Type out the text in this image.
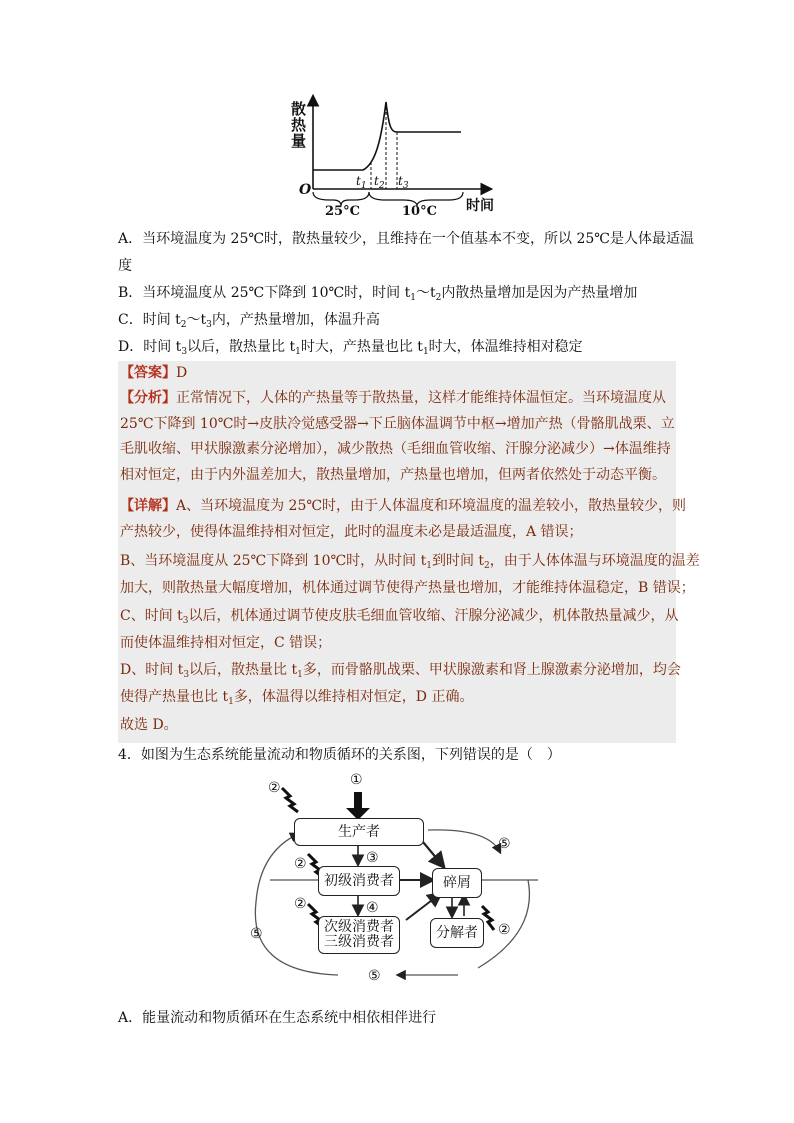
散
热
量
O
时间
$t_1$ $t_2$ $t_3$
25°C	10°C
A．当环境温度为 25℃时，散热量较少，且维持在一个值基本不变，所以 25℃是人体最适温
度
B．当环境温度从 25℃下降到 10℃时，时间 $t_1\sim t_2$内散热量增加是因为产热量增加
C．时间 $t_2\sim t_3$内，产热量增加，体温升高
D．时间 $t_3$以后，散热量比 $t_1$时大，产热量也比 $t_1$时大，体温维持相对稳定
【答案】D
【分析】正常情况下，人体的产热量等于散热量，这样才能维持体温恒定。当环境温度从
25℃下降到 10℃时→皮肤冷觉感受器→下丘脑体温调节中枢→增加产热（骨骼肌战栗、立
毛肌收缩、甲状腺激素分泌增加），减少散热（毛细血管收缩、汗腺分泌减少）→体温维持
相对恒定，由于内外温差加大，散热量增加，产热量也增加，但两者依然处于动态平衡。
【详解】A、当环境温度为 25℃时，由于人体温度和环境温度的温差较小，散热量较少，则
产热较少，使得体温维持相对恒定，此时的温度未必是最适温度，A 错误；
B、当环境温度从 25℃下降到 10℃时，从时间 $t_1$到时间 $t_2$，由于人体体温与环境温度的温差
加大，则散热量大幅度增加，机体通过调节使得产热量也增加，才能维持体温稳定，B 错误；
C、时间 $t_3$以后，机体通过调节使皮肤毛细血管收缩、汗腺分泌减少，机体散热量减少，从
而使体温维持相对恒定，C 错误；
D、时间 $t_3$以后，散热量比 $t_1$多，而骨骼肌战栗、甲状腺激素和肾上腺激素分泌增加，均会
使得产热量也比 $t_1$多，体温得以维持相对恒定，D 正确。
故选 D。
4．如图为生态系统能量流动和物质循环的关系图，下列错误的是（　）
生产者
初级消费者
次级消费者
三级消费者
碎屑
分解者
①
②
②
②
②
③
④
⑤
⑤
⑤
A．能量流动和物质循环在生态系统中相依相伴进行
